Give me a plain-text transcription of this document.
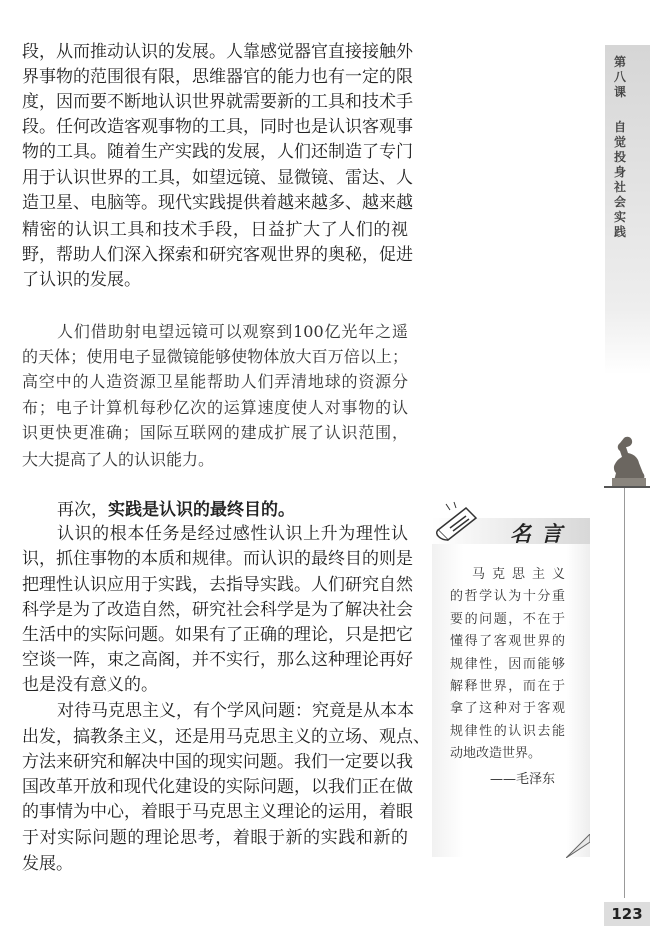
第八课
自觉投身社会实践
123
段，从而推动认识的发展。人靠感觉器官直接接触外
界事物的范围很有限，思维器官的能力也有一定的限
度，因而要不断地认识世界就需要新的工具和技术手
段。任何改造客观事物的工具，同时也是认识客观事
物的工具。随着生产实践的发展，人们还制造了专门
用于认识世界的工具，如望远镜、显微镜、雷达、人
造卫星、电脑等。现代实践提供着越来越多、越来越
精密的认识工具和技术手段，日益扩大了人们的视
野，帮助人们深入探索和研究客观世界的奥秘，促进
了认识的发展。
人们借助射电望远镜可以观察到100亿光年之遥
的天体；使用电子显微镜能够使物体放大百万倍以上；
高空中的人造资源卫星能帮助人们弄清地球的资源分
布；电子计算机每秒亿次的运算速度使人对事物的认
识更快更准确；国际互联网的建成扩展了认识范围，
大大提高了人的认识能力。
再次，实践是认识的最终目的。
认识的根本任务是经过感性认识上升为理性认
识，抓住事物的本质和规律。而认识的最终目的则是
把理性认识应用于实践，去指导实践。人们研究自然
科学是为了改造自然，研究社会科学是为了解决社会
生活中的实际问题。如果有了正确的理论，只是把它
空谈一阵，束之高阁，并不实行，那么这种理论再好
也是没有意义的。
对待马克思主义，有个学风问题：究竟是从本本
出发，搞教条主义，还是用马克思主义的立场、观点、
方法来研究和解决中国的现实问题。我们一定要以我
国改革开放和现代化建设的实际问题，以我们正在做
的事情为中心，着眼于马克思主义理论的运用，着眼
于对实际问题的理论思考，着眼于新的实践和新的
发展。
名言
马克思主义
的哲学认为十分重
要的问题，不在于
懂得了客观世界的
规律性，因而能够
解释世界，而在于
拿了这种对于客观
规律性的认识去能
动地改造世界。
——毛泽东
